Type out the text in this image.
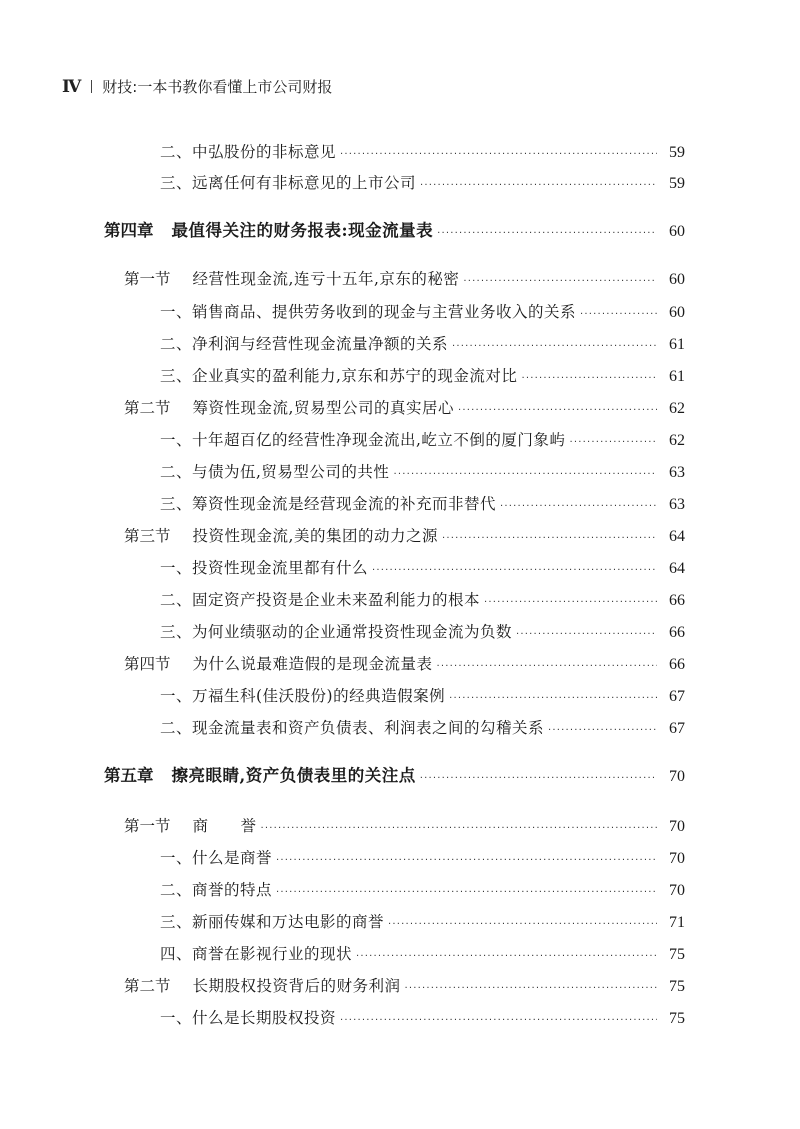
Ⅳ 财技:一本书教你看懂上市公司财报
二、中弘股份的非标意见 ·····	59
三、远离任何有非标意见的上市公司 ·····	59
第四章 最值得关注的财务报表:现金流量表 ·····	60
第一节 经营性现金流,连亏十五年,京东的秘密 ·····	60
一、销售商品、提供劳务收到的现金与主营业务收入的关系 ·····	60
二、净利润与经营性现金流量净额的关系 ·····	61
三、企业真实的盈利能力,京东和苏宁的现金流对比 ·····	61
第二节 筹资性现金流,贸易型公司的真实居心 ·····	62
一、十年超百亿的经营性净现金流出,屹立不倒的厦门象屿 ·····	62
二、与债为伍,贸易型公司的共性 ·····	63
三、筹资性现金流是经营现金流的补充而非替代 ·····	63
第三节 投资性现金流,美的集团的动力之源 ·····	64
一、投资性现金流里都有什么 ·····	64
二、固定资产投资是企业未来盈利能力的根本 ·····	66
三、为何业绩驱动的企业通常投资性现金流为负数 ·····	66
第四节 为什么说最难造假的是现金流量表 ·····	66
一、万福生科(佳沃股份)的经典造假案例 ·····	67
二、现金流量表和资产负债表、利润表之间的勾稽关系 ·····	67
第五章 擦亮眼睛,资产负债表里的关注点 ·····	70
第一节 商　　誉 ·····	70
一、什么是商誉 ·····	70
二、商誉的特点 ·····	70
三、新丽传媒和万达电影的商誉 ·····	71
四、商誉在影视行业的现状 ·····	75
第二节 长期股权投资背后的财务利润 ·····	75
一、什么是长期股权投资 ·····	75
